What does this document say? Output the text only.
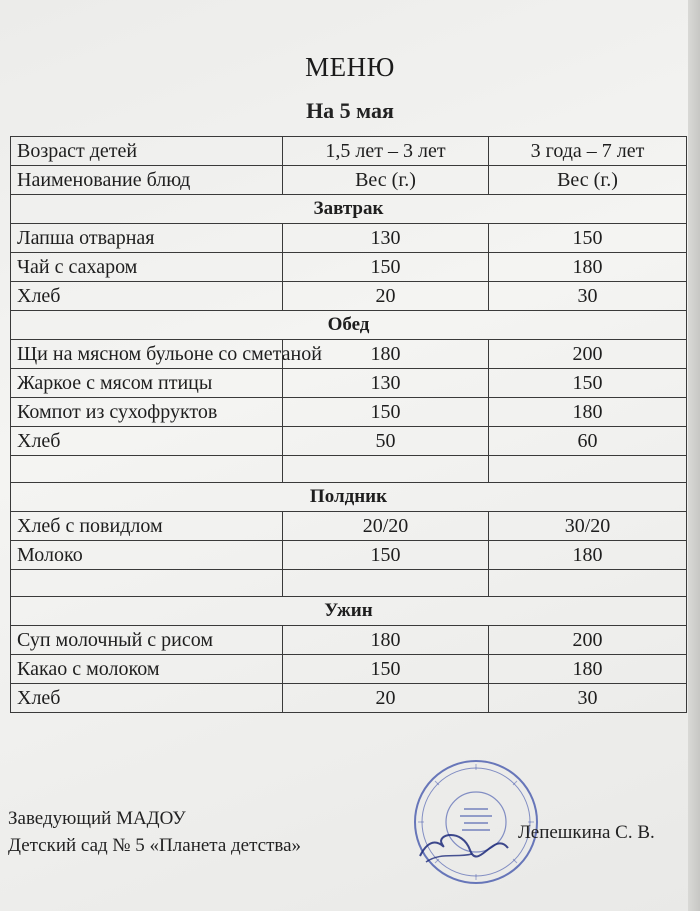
МЕНЮ
На 5 мая
Возраст детей	1,5 лет – 3 лет	3 года – 7 лет
Наименование блюд	Вес (г.)	Вес (г.)
Завтрак		
Лапша отварная	130	150
Чай с сахаром	150	180
Хлеб	20	30
Обед		
Щи на мясном бульоне со сметаной	180	200
Жаркое с мясом птицы	130	150
Компот из сухофруктов	150	180
Хлеб	50	60

Полдник		
Хлеб с повидлом	20/20	30/20
Молоко	150	180

Ужин		
Суп молочный с рисом	180	200
Какао с молоком	150	180
Хлеб	20	30
Заведующий МАДОУ
Детский сад № 5 «Планета детства»
Лепешкина С. В.
